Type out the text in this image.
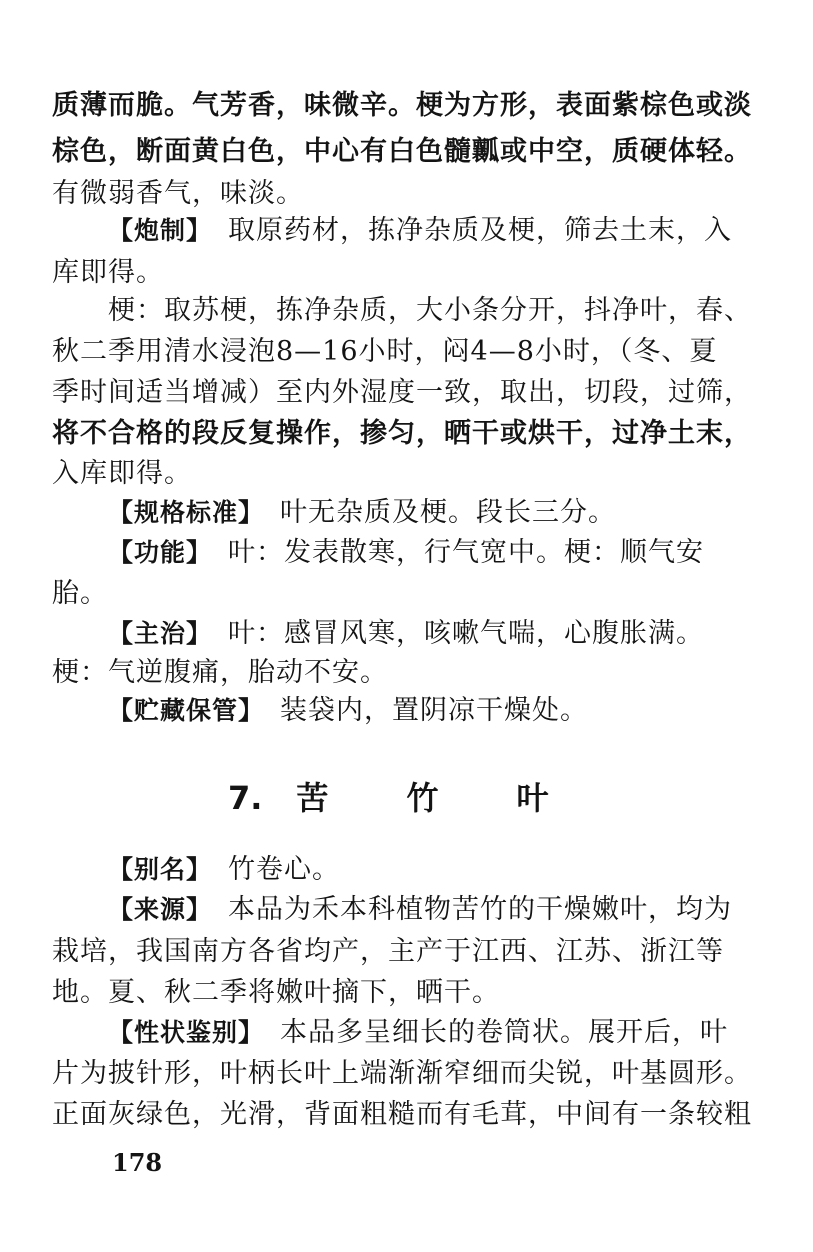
质薄而脆。气芳香，味微辛。梗为方形，表面紫棕色或淡
棕色，断面黄白色，中心有白色髓瓤或中空，质硬体轻。
有微弱香气，味淡。
【炮制】 取原药材，拣净杂质及梗，筛去土末，入
库即得。
梗：取苏梗，拣净杂质，大小条分开，抖净叶，春、
秋二季用清水浸泡8—16小时，闷4—8小时，（冬、夏
季时间适当增减）至内外湿度一致，取出，切段，过筛，
将不合格的段反复操作，掺匀，晒干或烘干，过净土末，
入库即得。
【规格标准】 叶无杂质及梗。段长三分。
【功能】 叶：发表散寒，行气宽中。梗：顺气安
胎。
【主治】 叶：感冒风寒，咳嗽气喘，心腹胀满。
梗：气逆腹痛，胎动不安。
【贮藏保管】 装袋内，置阴凉干燥处。
7. 苦 竹 叶
【别名】 竹卷心。
【来源】 本品为禾本科植物苦竹的干燥嫩叶，均为
栽培，我国南方各省均产，主产于江西、江苏、浙江等
地。夏、秋二季将嫩叶摘下，晒干。
【性状鉴别】 本品多呈细长的卷筒状。展开后，叶
片为披针形，叶柄长叶上端渐渐窄细而尖锐，叶基圆形。
正面灰绿色，光滑，背面粗糙而有毛茸，中间有一条较粗
178
